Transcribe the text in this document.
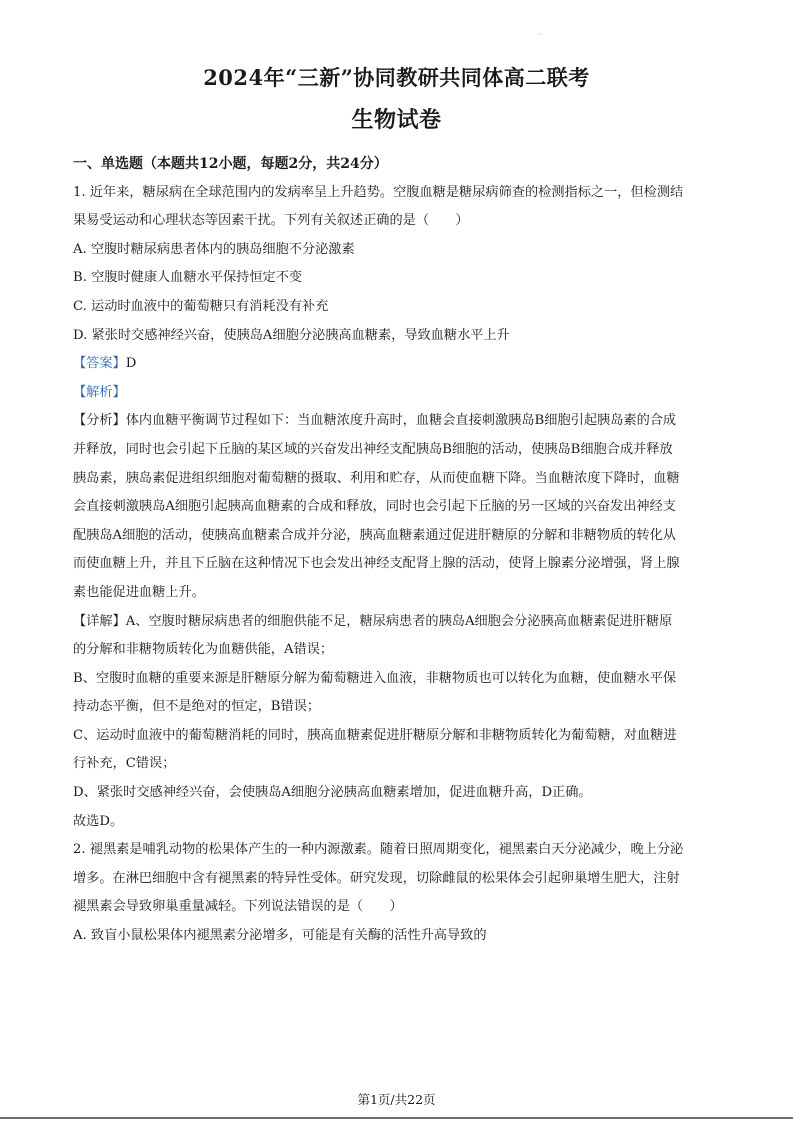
·
2024年“三新”协同教研共同体高二联考
生物试卷

一、单选题（本题共12小题，每题2分，共24分）

1. 近年来，糖尿病在全球范围内的发病率呈上升趋势。空腹血糖是糖尿病筛查的检测指标之一，但检测结

果易受运动和心理状态等因素干扰。下列有关叙述正确的是（　　）

A. 空腹时糖尿病患者体内的胰岛细胞不分泌激素

B. 空腹时健康人血糖水平保持恒定不变

C. 运动时血液中的葡萄糖只有消耗没有补充

D. 紧张时交感神经兴奋，使胰岛A细胞分泌胰高血糖素，导致血糖水平上升

【答案】D

【解析】

【分析】体内血糖平衡调节过程如下：当血糖浓度升高时，血糖会直接刺激胰岛B细胞引起胰岛素的合成

并释放，同时也会引起下丘脑的某区域的兴奋发出神经支配胰岛B细胞的活动，使胰岛B细胞合成并释放

胰岛素，胰岛素促进组织细胞对葡萄糖的摄取、利用和贮存，从而使血糖下降。当血糖浓度下降时，血糖

会直接刺激胰岛A细胞引起胰高血糖素的合成和释放，同时也会引起下丘脑的另一区域的兴奋发出神经支

配胰岛A细胞的活动，使胰高血糖素合成并分泌，胰高血糖素通过促进肝糖原的分解和非糖物质的转化从

而使血糖上升，并且下丘脑在这种情况下也会发出神经支配肾上腺的活动，使肾上腺素分泌增强，肾上腺

素也能促进血糖上升。

【详解】A、空腹时糖尿病患者的细胞供能不足，糖尿病患者的胰岛A细胞会分泌胰高血糖素促进肝糖原

的分解和非糖物质转化为血糖供能，A错误；

B、空腹时血糖的重要来源是肝糖原分解为葡萄糖进入血液，非糖物质也可以转化为血糖，使血糖水平保

持动态平衡，但不是绝对的恒定，B错误；

C、运动时血液中的葡萄糖消耗的同时，胰高血糖素促进肝糖原分解和非糖物质转化为葡萄糖，对血糖进

行补充，C错误；

D、紧张时交感神经兴奋，会使胰岛A细胞分泌胰高血糖素增加，促进血糖升高，D正确。

故选D。

2. 褪黑素是哺乳动物的松果体产生的一种内源激素。随着日照周期变化，褪黑素白天分泌减少，晚上分泌

增多。在淋巴细胞中含有褪黑素的特异性受体。研究发现，切除雌鼠的松果体会引起卵巢增生肥大，注射

褪黑素会导致卵巢重量减轻。下列说法错误的是（　　）

A. 致盲小鼠松果体内褪黑素分泌增多，可能是有关酶的活性升高导致的

第1页/共22页
